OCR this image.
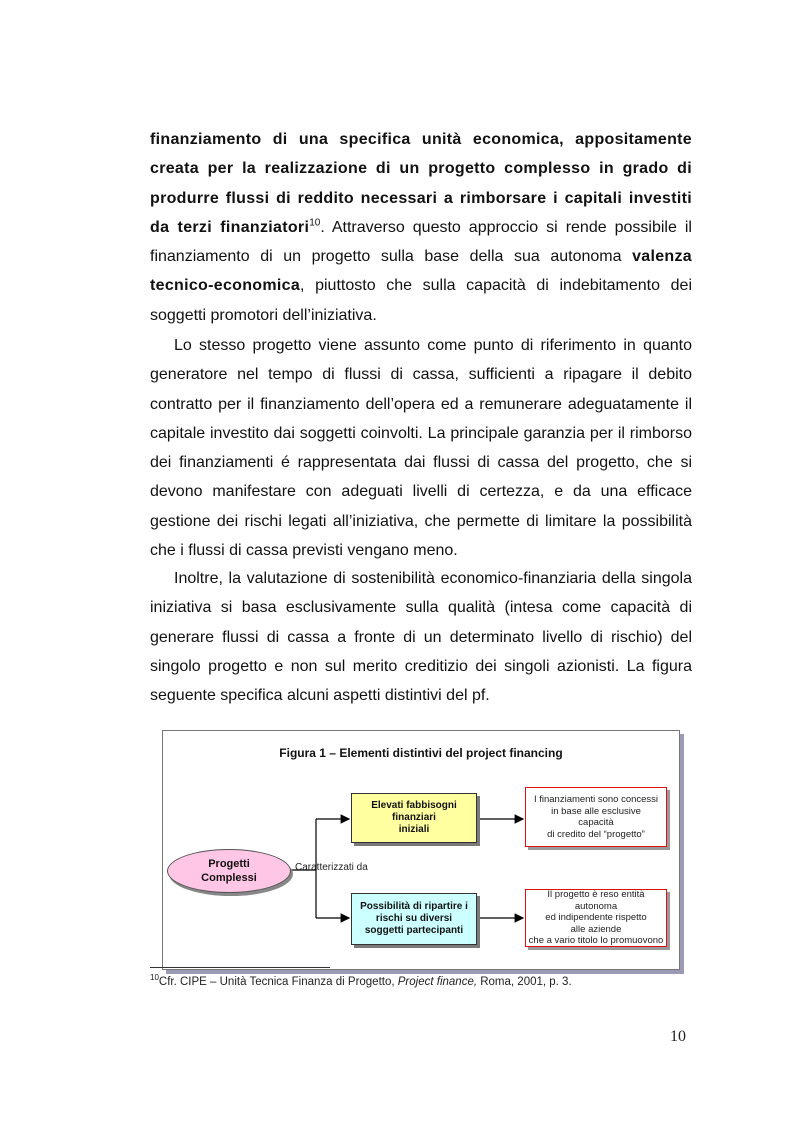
finanziamento di una specifica unità economica, appositamente creata per la realizzazione di un progetto complesso in grado di produrre flussi di reddito necessari a rimborsare i capitali investiti da terzi finanziatori$^{10}$. Attraverso questo approccio si rende possibile il finanziamento di un progetto sulla base della sua autonoma valenza tecnico-economica, piuttosto che sulla capacità di indebitamento dei soggetti promotori dell’iniziativa.

Lo stesso progetto viene assunto come punto di riferimento in quanto generatore nel tempo di flussi di cassa, sufficienti a ripagare il debito contratto per il finanziamento dell’opera ed a remunerare adeguatamente il capitale investito dai soggetti coinvolti. La principale garanzia per il rimborso dei finanziamenti é rappresentata dai flussi di cassa del progetto, che si devono manifestare con adeguati livelli di certezza, e da una efficace gestione dei rischi legati all’iniziativa, che permette di limitare la possibilità che i flussi di cassa previsti vengano meno.

Inoltre, la valutazione di sostenibilità economico-finanziaria della singola iniziativa si basa esclusivamente sulla qualità (intesa come capacità di generare flussi di cassa a fronte di un determinato livello di rischio) del singolo progetto e non sul merito creditizio dei singoli azionisti. La figura seguente specifica alcuni aspetti distintivi del pf.

Figura 1 – Elementi distintivi del project financing
Progetti
Complessi
Caratterizzati da
Elevati fabbisogni
finanziari
iniziali
Possibilità di ripartire i
rischi su diversi
soggetti partecipanti
I finanziamenti sono concessi
in base alle esclusive
capacità
di credito del “progetto”
Il progetto è reso entità autonoma
ed indipendente rispetto
alle aziende
che a vario titolo lo promuovono
$^{10}$Cfr. CIPE – Unità Tecnica Finanza di Progetto, Project finance, Roma, 2001, p. 3.
10
